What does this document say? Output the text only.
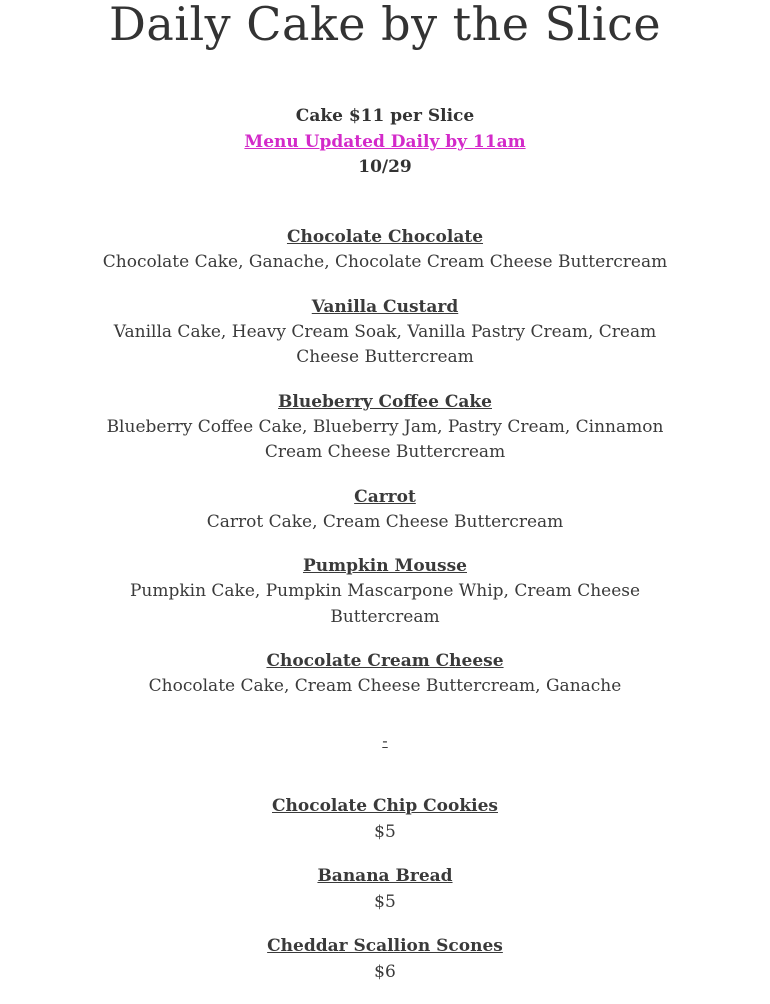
Daily Cake by the Slice
Cake $11 per Slice
Menu Updated Daily by 11am
10/29
Chocolate Chocolate
Chocolate Cake, Ganache, Chocolate Cream Cheese Buttercream
Vanilla Custard
Vanilla Cake, Heavy Cream Soak, Vanilla Pastry Cream, Cream Cheese Buttercream
Blueberry Coffee Cake
Blueberry Coffee Cake, Blueberry Jam, Pastry Cream, Cinnamon Cream Cheese Buttercream
Carrot
Carrot Cake, Cream Cheese Buttercream
Pumpkin Mousse
Pumpkin Cake, Pumpkin Mascarpone Whip, Cream Cheese Buttercream
Chocolate Cream Cheese
Chocolate Cake, Cream Cheese Buttercream, Ganache
-
Chocolate Chip Cookies
$5
Banana Bread
$5
Cheddar Scallion Scones
$6
